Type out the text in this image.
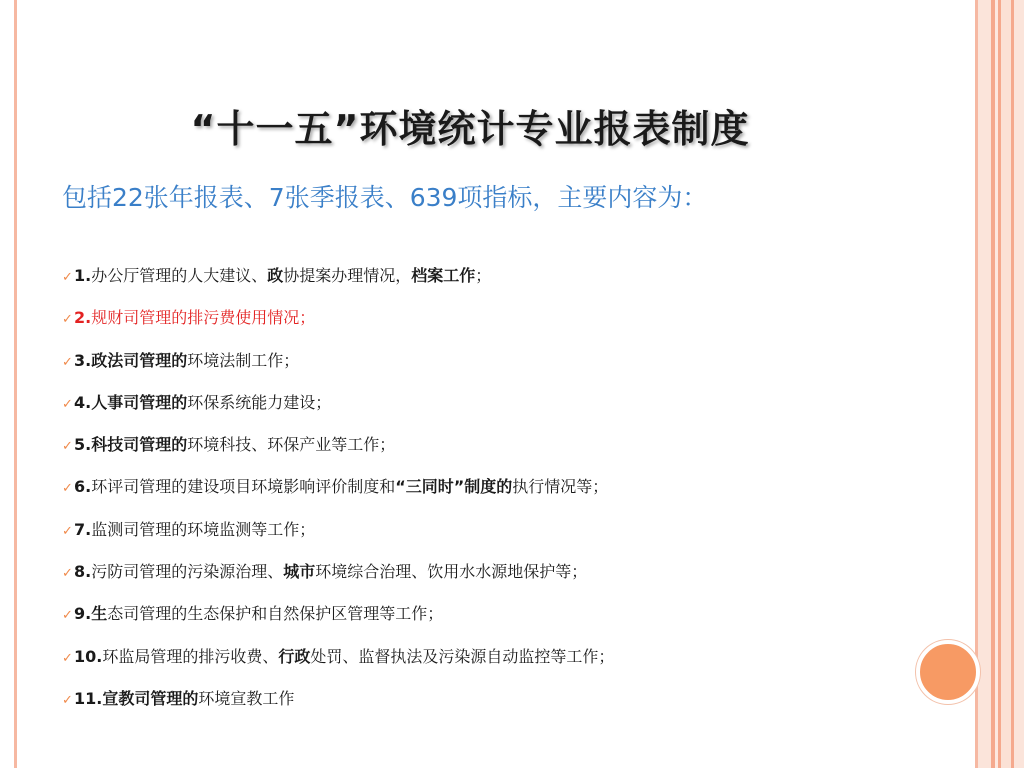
“十一五”环境统计专业报表制度
包括22张年报表、7张季报表、639项指标，主要内容为：
✓1.办公厅管理的人大建议、政协提案办理情况，档案工作；
✓2.规财司管理的排污费使用情况；
✓3.政法司管理的环境法制工作；
✓4.人事司管理的环保系统能力建设；
✓5.科技司管理的环境科技、环保产业等工作；
✓6.环评司管理的建设项目环境影响评价制度和“三同时”制度的执行情况等；
✓7.监测司管理的环境监测等工作；
✓8.污防司管理的污染源治理、城市环境综合治理、饮用水水源地保护等；
✓9.生态司管理的生态保护和自然保护区管理等工作；
✓10.环监局管理的排污收费、行政处罚、监督执法及污染源自动监控等工作；
✓11.宣教司管理的环境宣教工作
